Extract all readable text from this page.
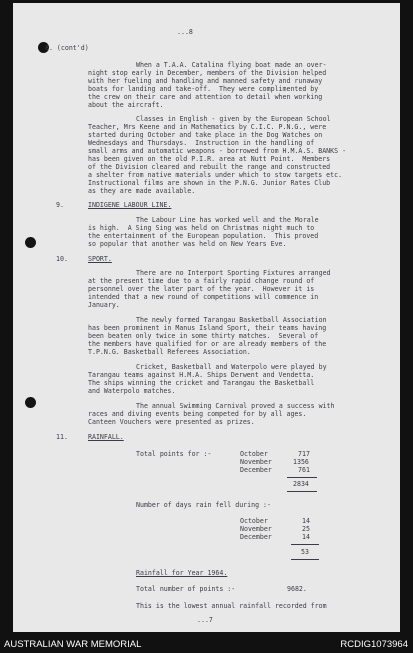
...8
8. (cont'd)
When a T.A.A. Catalina flying boat made an over-
night stop early in December, members of the Division helped
with her fueling and handling and manned safety and runaway
boats for landing and take-off.  They were complimented by
the crew on their care and attention to detail when working
about the aircraft.
Classes in English - given by the European School
Teacher, Mrs Keene and in Mathematics by C.I.C. P.N.G., were
started during October and take place in the Dog Watches on
Wednesdays and Thursdays.  Instruction in the handling of
small arms and automatic weapons - borrowed from H.M.A.S. BANKS -
has been given on the old P.I.R. area at Nutt Point.  Members
of the Division cleared and rebuilt the range and constructed
a shelter from native materials under which to stow targets etc.
Instructional films are shown in the P.N.G. Junior Rates Club
as they are made available.
9.	INDIGENE LABOUR LINE.
The Labour Line has worked well and the Morale
is high.  A Sing Sing was held on Christmas night much to
the entertainment of the European population.  This proved
so popular that another was held on New Years Eve.
10.	SPORT.
There are no Interport Sporting Fixtures arranged
at the present time due to a fairly rapid change round of
personnel over the later part of the year.  However it is
intended that a new round of competitions will commence in
January.
The newly formed Tarangau Basketball Association
has been prominent in Manus Island Sport, their teams having
been beaten only twice in some thirty matches.  Several of
the members have qualified for or are already members of the
T.P.N.G. Basketball Referees Association.
Cricket, Basketball and Waterpolo were played by
Tarangau teams against H.M.A. Ships Derwent and Vendetta.
The ships winning the cricket and Tarangau the Basketball
and Waterpolo matches.
The annual Swimming Carnival proved a success with
races and diving events being competed for by all ages.
Canteen Vouchers were presented as prizes.
11.	RAINFALL.
Total points for :-	October	717
November	1356
December	761
2834
Number of days rain fell during :-
October	14
November	25
December	14
53
Rainfall for Year 1964.
Total number of points :-	9682.
This is the lowest annual rainfall recorded from
...7
AUSTRALIAN WAR MEMORIAL	RCDIG1073964
